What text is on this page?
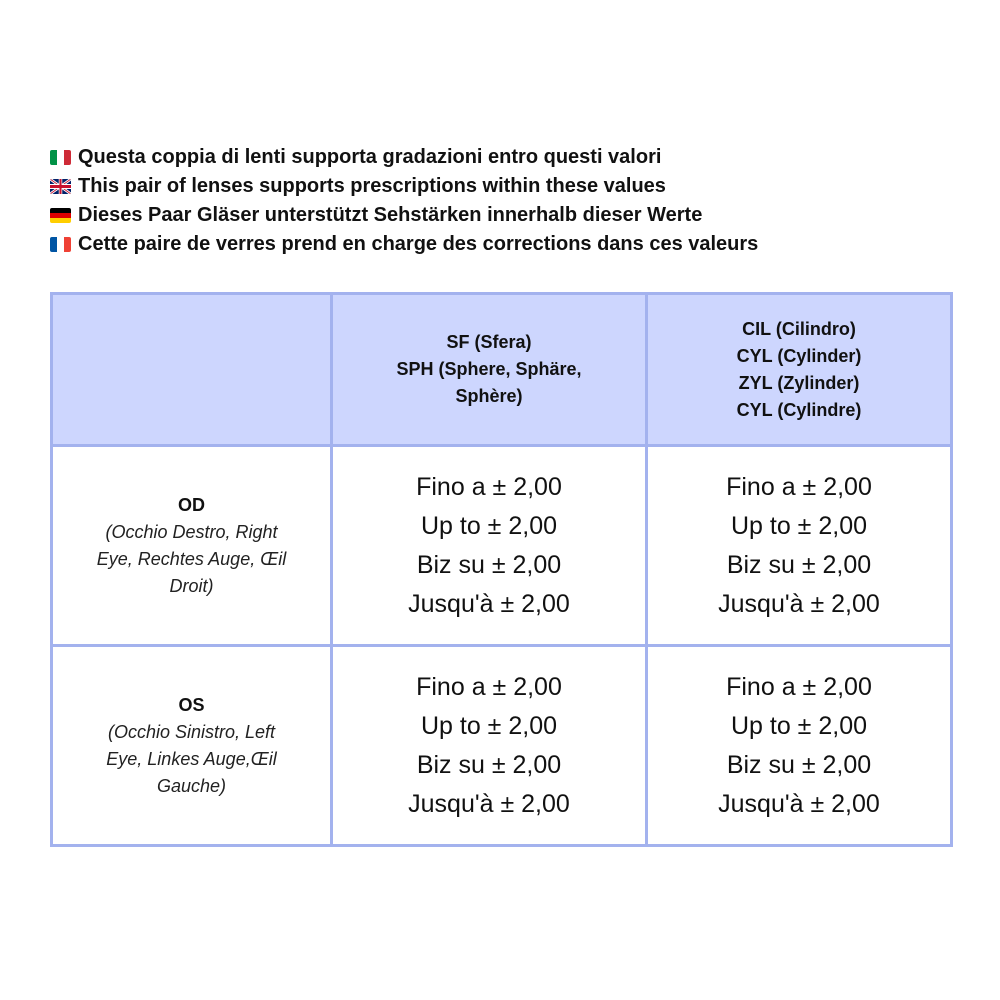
Questa coppia di lenti supporta gradazioni entro questi valori
This pair of lenses supports prescriptions within these values
Dieses Paar Gläser unterstützt Sehstärken innerhalb dieser Werte
Cette paire de verres prend en charge des corrections dans ces valeurs

	SF (Sfera)
SPH (Sphere, Sphäre,
Sphère)	CIL (Cilindro)
CYL (Cylinder)
ZYL (Zylinder)
CYL (Cylindre)

OD
(Occhio Destro, Right
Eye, Rechtes Auge, Œil
Droit)	Fino a ± 2,00
Up to ± 2,00
Biz su ± 2,00
Jusqu'à ± 2,00	Fino a ± 2,00
Up to ± 2,00
Biz su ± 2,00
Jusqu'à ± 2,00

OS
(Occhio Sinistro, Left
Eye, Linkes Auge,Œil
Gauche)	Fino a ± 2,00
Up to ± 2,00
Biz su ± 2,00
Jusqu'à ± 2,00	Fino a ± 2,00
Up to ± 2,00
Biz su ± 2,00
Jusqu'à ± 2,00
